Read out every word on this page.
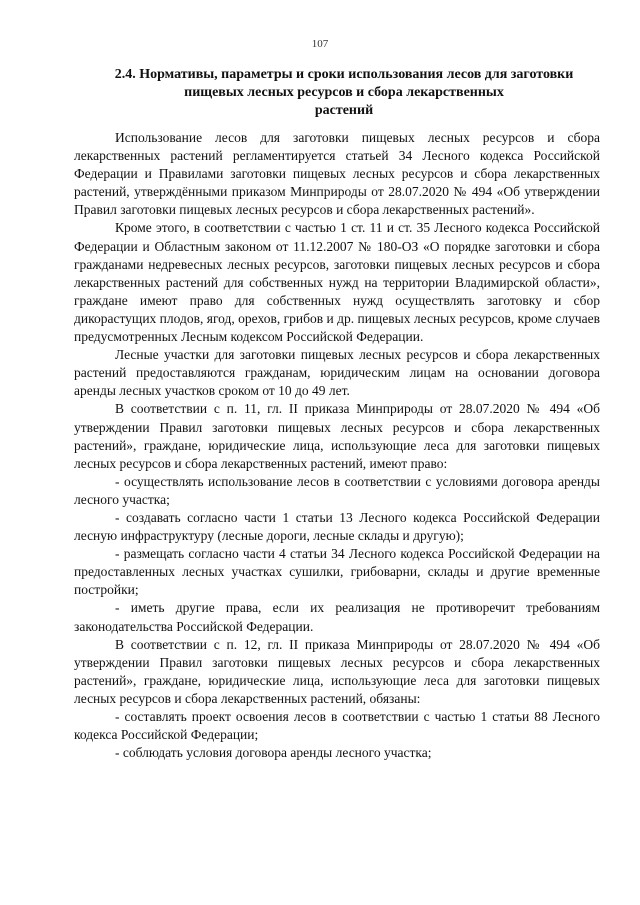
107
2.4. Нормативы, параметры и сроки использования лесов для заготовки
пищевых лесных ресурсов и сбора лекарственных
растений

Использование лесов для заготовки пищевых лесных ресурсов и сбора лекарственных растений регламентируется статьей 34 Лесного кодекса Российской Федерации и Правилами заготовки пищевых лесных ресурсов и сбора лекарственных растений, утверждёнными приказом Минприроды от 28.07.2020 № 494 «Об утверждении Правил заготовки пищевых лесных ресурсов и сбора лекарственных растений».

Кроме этого, в соответствии с частью 1 ст. 11 и ст. 35 Лесного кодекса Российской Федерации и Областным законом от 11.12.2007 № 180-ОЗ «О порядке заготовки и сбора гражданами недревесных лесных ресурсов, заготовки пищевых лесных ресурсов и сбора лекарственных растений для собственных нужд на территории Владимирской области», граждане имеют право для собственных нужд осуществлять заготовку и сбор дикорастущих плодов, ягод, орехов, грибов и др. пищевых лесных ресурсов, кроме случаев предусмотренных Лесным кодексом Российской Федерации.

Лесные участки для заготовки пищевых лесных ресурсов и сбора лекарственных растений предоставляются гражданам, юридическим лицам на основании договора аренды лесных участков сроком от 10 до 49 лет.

В соответствии с п. 11, гл. II приказа Минприроды от 28.07.2020 № 494 «Об утверждении Правил заготовки пищевых лесных ресурсов и сбора лекарственных растений», граждане, юридические лица, использующие леса для заготовки пищевых лесных ресурсов и сбора лекарственных растений, имеют право:

- осуществлять использование лесов в соответствии с условиями договора аренды лесного участка;

- создавать согласно части 1 статьи 13 Лесного кодекса Российской Федерации лесную инфраструктуру (лесные дороги, лесные склады и другую);

- размещать согласно части 4 статьи 34 Лесного кодекса Российской Федерации на предоставленных лесных участках сушилки, грибоварни, склады и другие временные постройки;

- иметь другие права, если их реализация не противоречит требованиям законодательства Российской Федерации.

В соответствии с п. 12, гл. II приказа Минприроды от 28.07.2020 № 494 «Об утверждении Правил заготовки пищевых лесных ресурсов и сбора лекарственных растений», граждане, юридические лица, использующие леса для заготовки пищевых лесных ресурсов и сбора лекарственных растений, обязаны:

- составлять проект освоения лесов в соответствии с частью 1 статьи 88 Лесного кодекса Российской Федерации;

- соблюдать условия договора аренды лесного участка;
